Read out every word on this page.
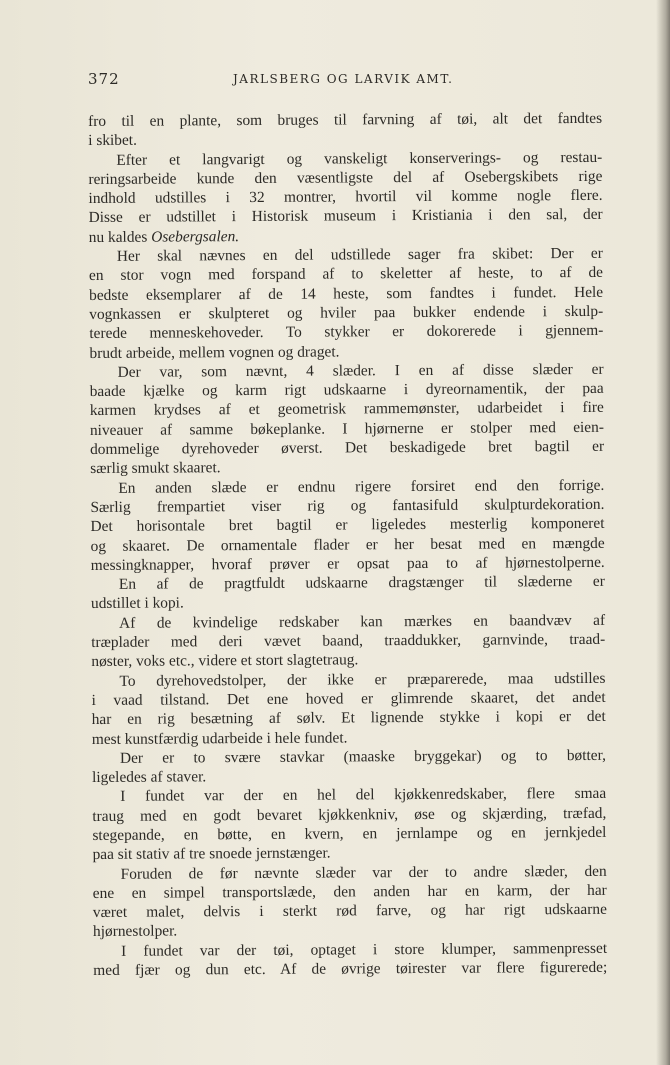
372	JARLSBERG OG LARVIK AMT.
fro til en plante, som bruges til farvning af tøi, alt det fandtes
i skibet.
Efter et langvarigt og vanskeligt konserverings- og restau-
reringsarbeide kunde den væsentligste del af Osebergskibets rige
indhold udstilles i 32 montrer, hvortil vil komme nogle flere.
Disse er udstillet i Historisk museum i Kristiania i den sal, der
nu kaldes Osebergsalen.
Her skal nævnes en del udstillede sager fra skibet: Der er
en stor vogn med forspand af to skeletter af heste, to af de
bedste eksemplarer af de 14 heste, som fandtes i fundet. Hele
vognkassen er skulpteret og hviler paa bukker endende i skulp-
terede menneskehoveder. To stykker er dokorerede i gjennem-
brudt arbeide, mellem vognen og draget.
Der var, som nævnt, 4 slæder. I en af disse slæder er
baade kjælke og karm rigt udskaarne i dyreornamentik, der paa
karmen krydses af et geometrisk rammemønster, udarbeidet i fire
niveauer af samme bøkeplanke. I hjørnerne er stolper med eien-
dommelige dyrehoveder øverst. Det beskadigede bret bagtil er
særlig smukt skaaret.
En anden slæde er endnu rigere forsiret end den forrige.
Særlig frempartiet viser rig og fantasifuld skulpturdekoration.
Det horisontale bret bagtil er ligeledes mesterlig komponeret
og skaaret. De ornamentale flader er her besat med en mængde
messingknapper, hvoraf prøver er opsat paa to af hjørnestolperne.
En af de pragtfuldt udskaarne dragstænger til slæderne er
udstillet i kopi.
Af de kvindelige redskaber kan mærkes en baandvæv af
træplader med deri vævet baand, traaddukker, garnvinde, traad-
nøster, voks etc., videre et stort slagtetraug.
To dyrehovedstolper, der ikke er præparerede, maa udstilles
i vaad tilstand. Det ene hoved er glimrende skaaret, det andet
har en rig besætning af sølv. Et lignende stykke i kopi er det
mest kunstfærdig udarbeide i hele fundet.
Der er to svære stavkar (maaske bryggekar) og to bøtter,
ligeledes af staver.
I fundet var der en hel del kjøkkenredskaber, flere smaa
traug med en godt bevaret kjøkkenkniv, øse og skjærding, træfad,
stegepande, en bøtte, en kvern, en jernlampe og en jernkjedel
paa sit stativ af tre snoede jernstænger.
Foruden de før nævnte slæder var der to andre slæder, den
ene en simpel transportslæde, den anden har en karm, der har
været malet, delvis i sterkt rød farve, og har rigt udskaarne
hjørnestolper.
I fundet var der tøi, optaget i store klumper, sammenpresset
med fjær og dun etc. Af de øvrige tøirester var flere figurerede;
